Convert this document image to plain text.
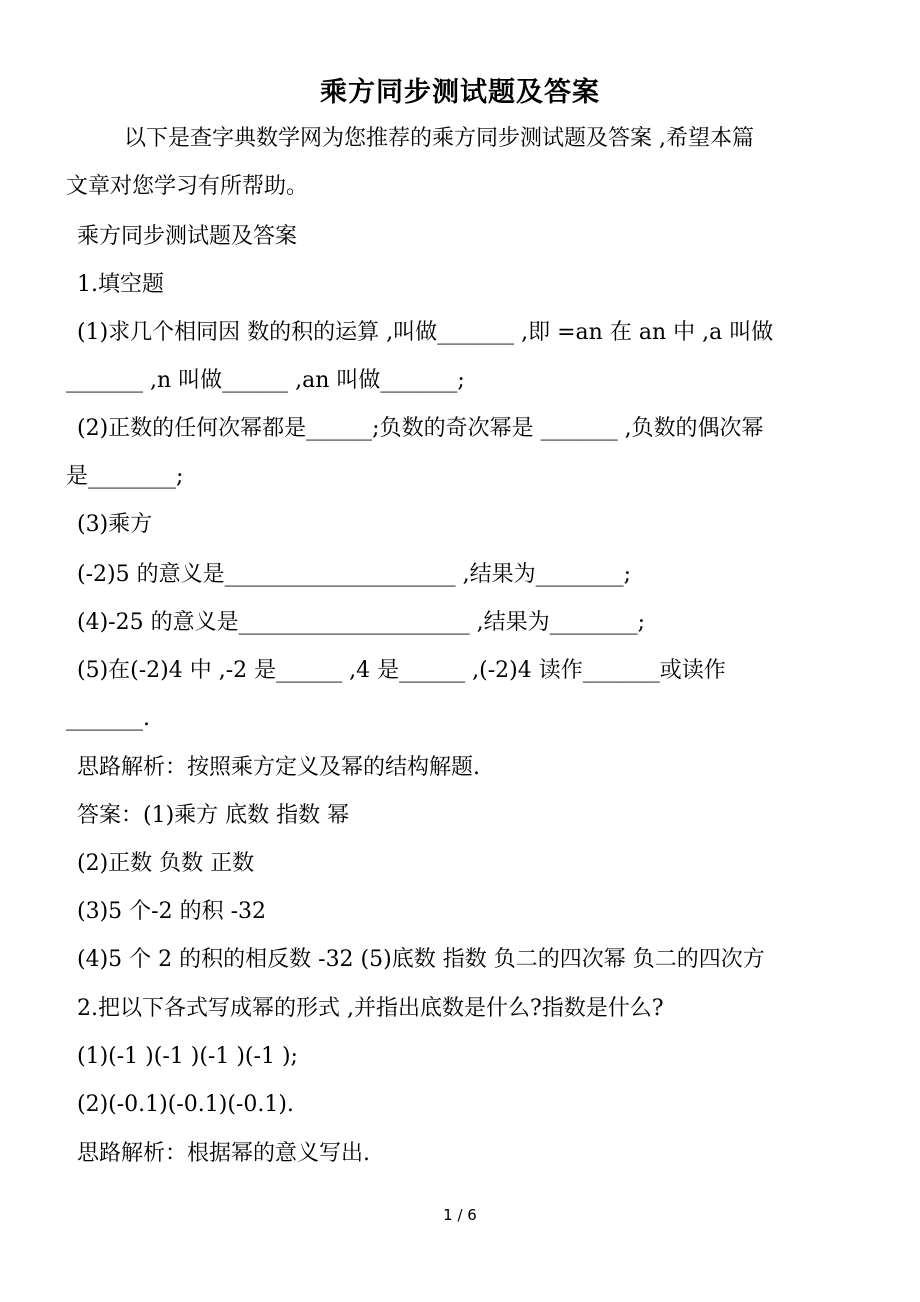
乘方同步测试题及答案
以下是查字典数学网为您推荐的乘方同步测试题及答案 ,希望本篇
文章对您学习有所帮助。
乘方同步测试题及答案
1.填空题
(1)求几个相同因 数的积的运算 ,叫做_______ ,即 =an 在 an 中 ,a 叫做
_______ ,n 叫做______ ,an 叫做_______;
(2)正数的任何次幂都是______;负数的奇次幂是 _______ ,负数的偶次幂
是________;
(3)乘方
(-2)5 的意义是_____________________ ,结果为________;
(4)-25 的意义是_____________________ ,结果为________;
(5)在(-2)4 中 ,-2 是______ ,4 是______ ,(-2)4 读作_______或读作
_______.
思路解析：按照乘方定义及幂的结构解题.
答案：(1)乘方 底数 指数 幂
(2)正数 负数 正数
(3)5 个-2 的积 -32
(4)5 个 2 的积的相反数 -32 (5)底数 指数 负二的四次幂 负二的四次方
2.把以下各式写成幂的形式 ,并指出底数是什么?指数是什么?
(1)(-1 )(-1 )(-1 )(-1 );
(2)(-0.1)(-0.1)(-0.1).
思路解析：根据幂的意义写出.
1 / 6
